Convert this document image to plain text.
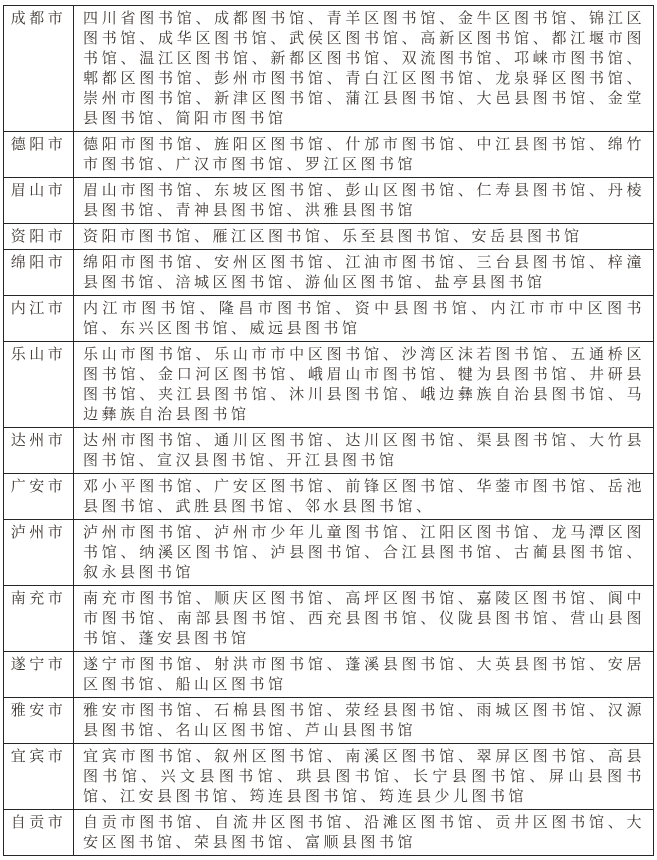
成都市	四川省图书馆、成都图书馆、青羊区图书馆、金牛区图书馆、锦江区图书馆、成华区图书馆、武侯区图书馆、高新区图书馆、都江堰市图书馆、温江区图书馆、新都区图书馆、双流图书馆、邛崃市图书馆、郫都区图书馆、彭州市图书馆、青白江区图书馆、龙泉驿区图书馆、崇州市图书馆、新津区图书馆、蒲江县图书馆、大邑县图书馆、金堂县图书馆、简阳市图书馆
德阳市	德阳市图书馆、旌阳区图书馆、什邡市图书馆、中江县图书馆、绵竹市图书馆、广汉市图书馆、罗江区图书馆
眉山市	眉山市图书馆、东坡区图书馆、彭山区图书馆、仁寿县图书馆、丹棱县图书馆、青神县图书馆、洪雅县图书馆
资阳市	资阳市图书馆、雁江区图书馆、乐至县图书馆、安岳县图书馆
绵阳市	绵阳市图书馆、安州区图书馆、江油市图书馆、三台县图书馆、梓潼县图书馆、涪城区图书馆、游仙区图书馆、盐亭县图书馆
内江市	内江市图书馆、隆昌市图书馆、资中县图书馆、内江市市中区图书馆、东兴区图书馆、威远县图书馆
乐山市	乐山市图书馆、乐山市市中区图书馆、沙湾区沫若图书馆、五通桥区图书馆、金口河区图书馆、峨眉山市图书馆、犍为县图书馆、井研县图书馆、夹江县图书馆、沐川县图书馆、峨边彝族自治县图书馆、马边彝族自治县图书馆
达州市	达州市图书馆、通川区图书馆、达川区图书馆、渠县图书馆、大竹县图书馆、宣汉县图书馆、开江县图书馆
广安市	邓小平图书馆、广安区图书馆、前锋区图书馆、华蓥市图书馆、岳池县图书馆、武胜县图书馆、邻水县图书馆、
泸州市	泸州市图书馆、泸州市少年儿童图书馆、江阳区图书馆、龙马潭区图书馆、纳溪区图书馆、泸县图书馆、合江县图书馆、古蔺县图书馆、叙永县图书馆
南充市	南充市图书馆、顺庆区图书馆、高坪区图书馆、嘉陵区图书馆、阆中市图书馆、南部县图书馆、西充县图书馆、仪陇县图书馆、营山县图书馆、蓬安县图书馆
遂宁市	遂宁市图书馆、射洪市图书馆、蓬溪县图书馆、大英县图书馆、安居区图书馆、船山区图书馆
雅安市	雅安市图书馆、石棉县图书馆、荥经县图书馆、雨城区图书馆、汉源县图书馆、名山区图书馆、芦山县图书馆
宜宾市	宜宾市图书馆、叙州区图书馆、南溪区图书馆、翠屏区图书馆、高县图书馆、兴文县图书馆、珙县图书馆、长宁县图书馆、屏山县图书馆、江安县图书馆、筠连县图书馆、筠连县少儿图书馆
自贡市	自贡市图书馆、自流井区图书馆、沿滩区图书馆、贡井区图书馆、大安区图书馆、荣县图书馆、富顺县图书馆
